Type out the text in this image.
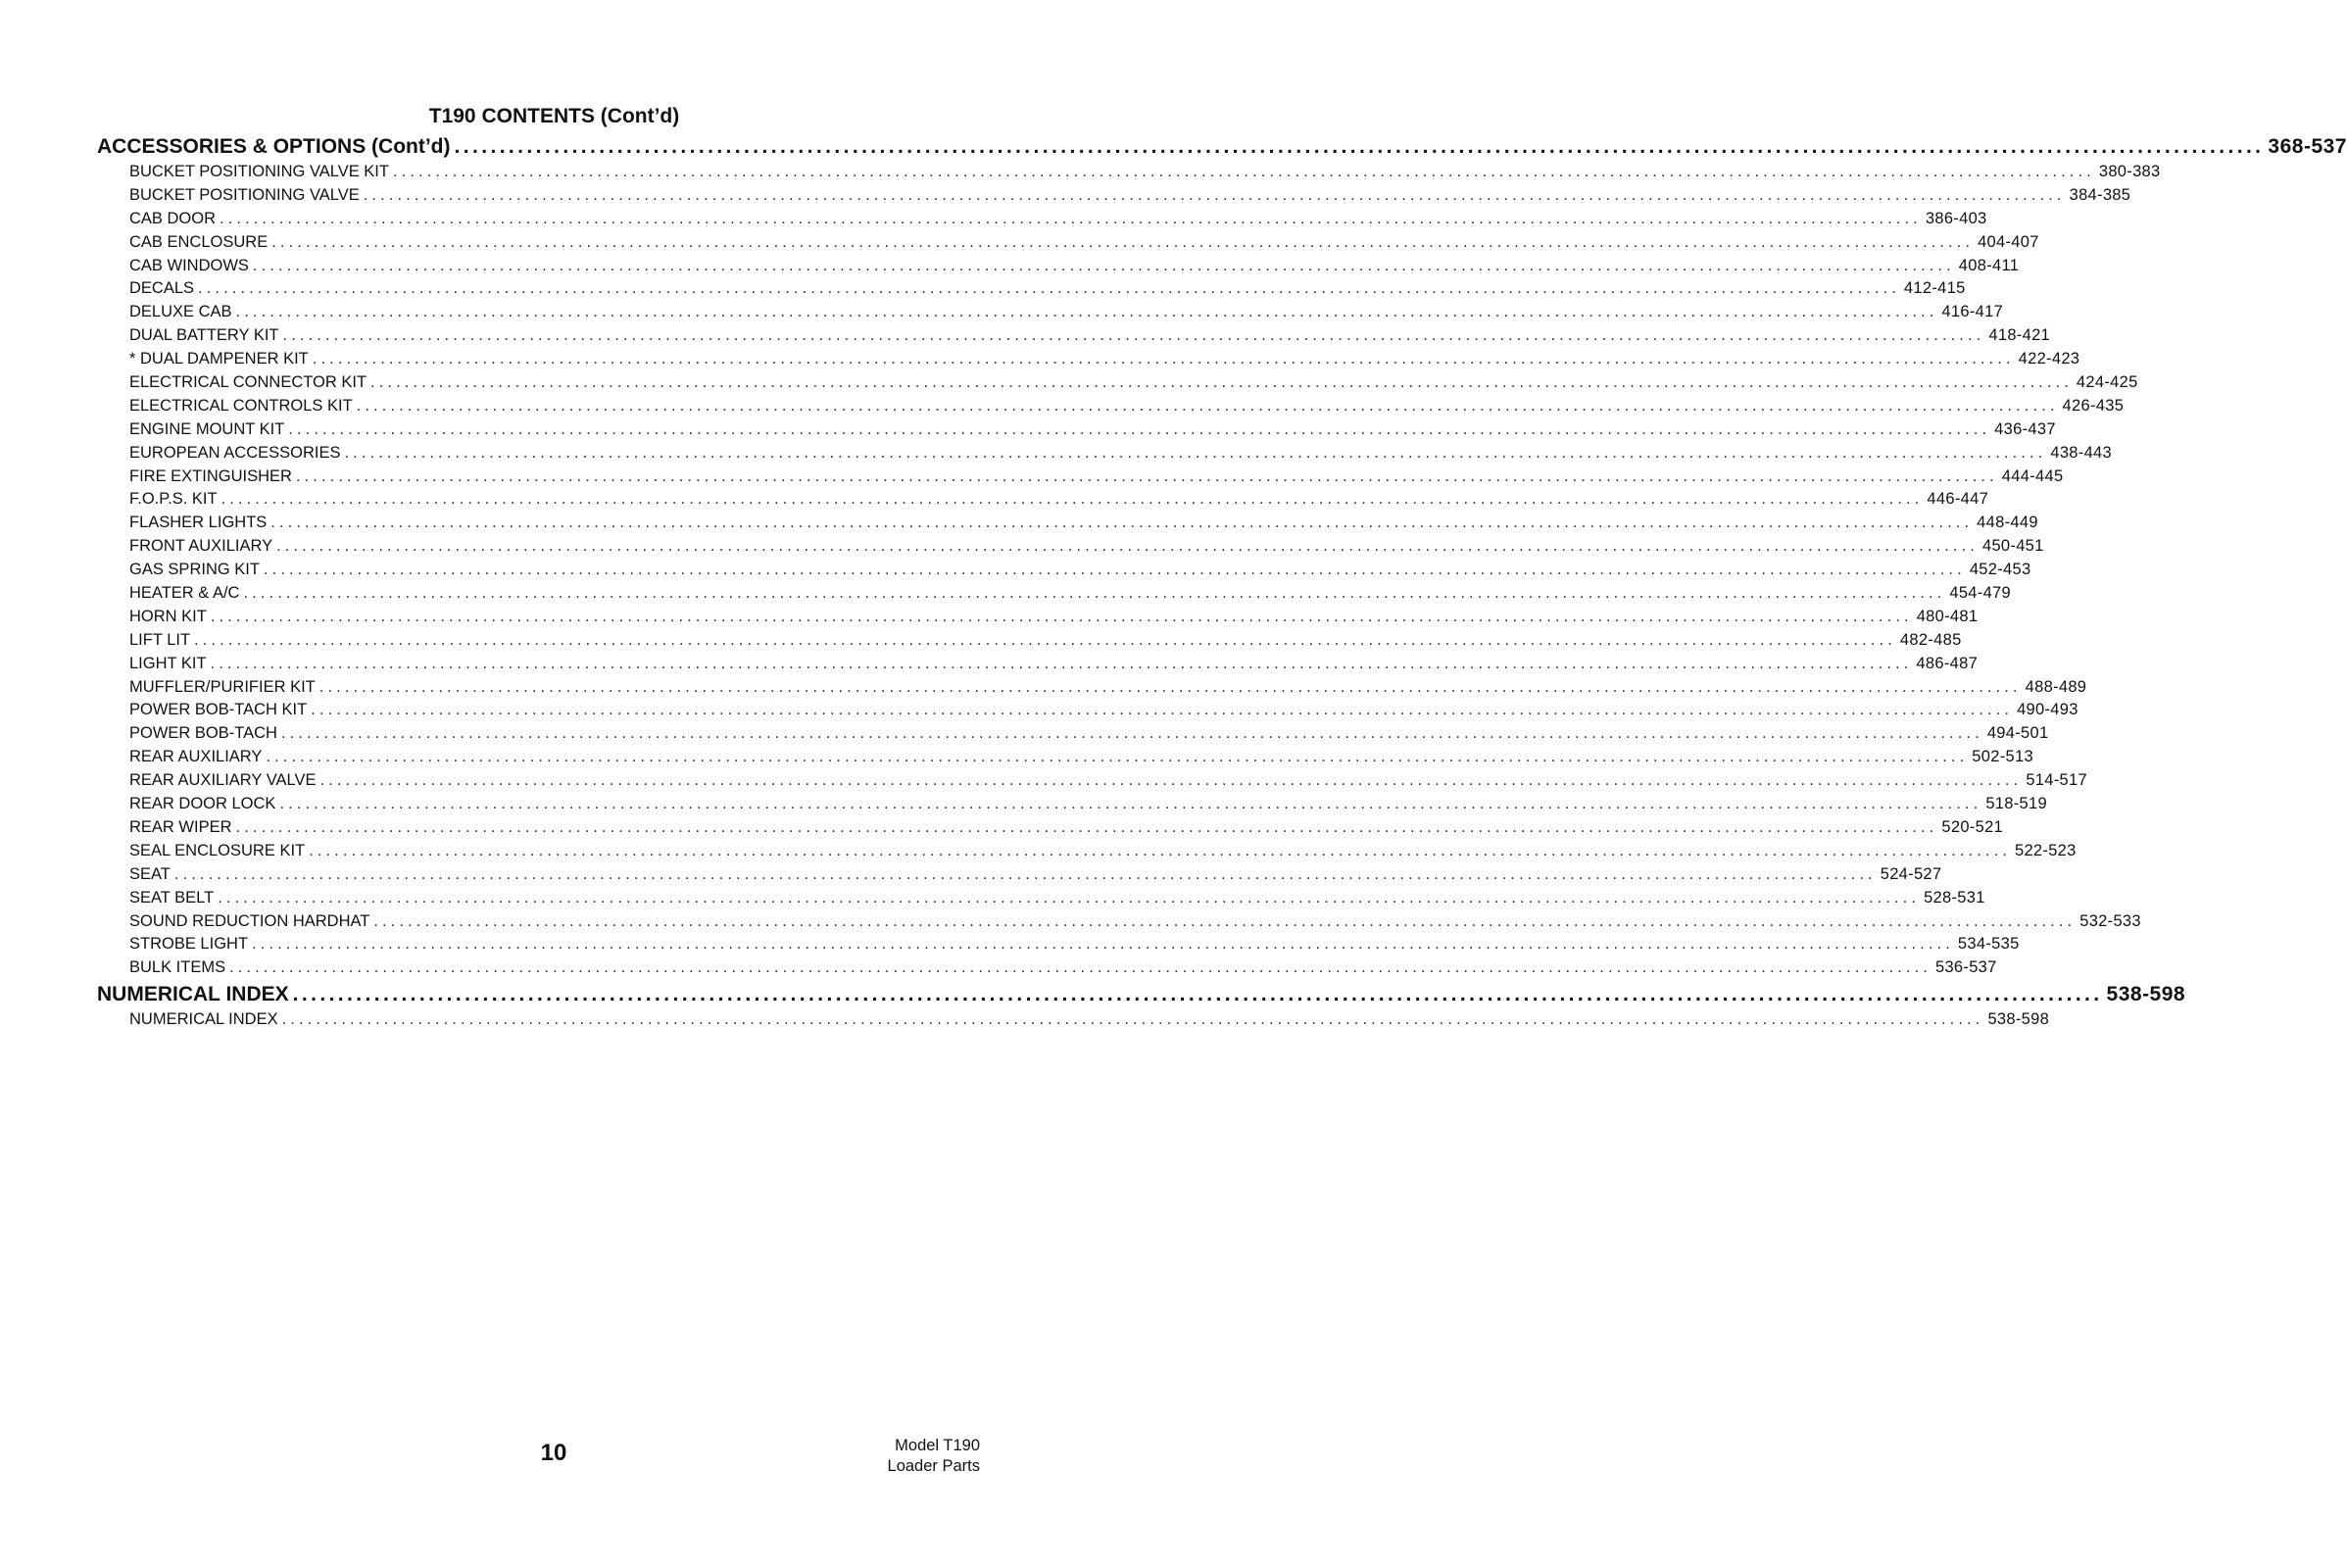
T190 CONTENTS (Cont’d)
ACCESSORIES & OPTIONS (Cont’d) ........................................................................................................................................................................................................ 368-537
BUCKET POSITIONING VALVE KIT ........................................................................................................................................................................................................ 380-383
BUCKET POSITIONING VALVE ........................................................................................................................................................................................................ 384-385
CAB DOOR ........................................................................................................................................................................................................ 386-403
CAB ENCLOSURE ........................................................................................................................................................................................................ 404-407
CAB WINDOWS ........................................................................................................................................................................................................ 408-411
DECALS ........................................................................................................................................................................................................ 412-415
DELUXE CAB ........................................................................................................................................................................................................ 416-417
DUAL BATTERY KIT ........................................................................................................................................................................................................ 418-421
* DUAL DAMPENER KIT ........................................................................................................................................................................................................ 422-423
ELECTRICAL CONNECTOR KIT ........................................................................................................................................................................................................ 424-425
ELECTRICAL CONTROLS KIT ........................................................................................................................................................................................................ 426-435
ENGINE MOUNT KIT ........................................................................................................................................................................................................ 436-437
EUROPEAN ACCESSORIES ........................................................................................................................................................................................................ 438-443
FIRE EXTINGUISHER ........................................................................................................................................................................................................ 444-445
F.O.P.S. KIT ........................................................................................................................................................................................................ 446-447
FLASHER LIGHTS ........................................................................................................................................................................................................ 448-449
FRONT AUXILIARY ........................................................................................................................................................................................................ 450-451
GAS SPRING KIT ........................................................................................................................................................................................................ 452-453
HEATER & A/C ........................................................................................................................................................................................................ 454-479
HORN KIT ........................................................................................................................................................................................................ 480-481
LIFT LIT ........................................................................................................................................................................................................ 482-485
LIGHT KIT ........................................................................................................................................................................................................ 486-487
MUFFLER/PURIFIER KIT ........................................................................................................................................................................................................ 488-489
POWER BOB-TACH KIT ........................................................................................................................................................................................................ 490-493
POWER BOB-TACH ........................................................................................................................................................................................................ 494-501
REAR AUXILIARY ........................................................................................................................................................................................................ 502-513
REAR AUXILIARY VALVE ........................................................................................................................................................................................................ 514-517
REAR DOOR LOCK ........................................................................................................................................................................................................ 518-519
REAR WIPER ........................................................................................................................................................................................................ 520-521
SEAL ENCLOSURE KIT ........................................................................................................................................................................................................ 522-523
SEAT ........................................................................................................................................................................................................ 524-527
SEAT BELT ........................................................................................................................................................................................................ 528-531
SOUND REDUCTION HARDHAT ........................................................................................................................................................................................................ 532-533
STROBE LIGHT ........................................................................................................................................................................................................ 534-535
BULK ITEMS ........................................................................................................................................................................................................ 536-537
NUMERICAL INDEX ........................................................................................................................................................................................................ 538-598
NUMERICAL INDEX ........................................................................................................................................................................................................ 538-598
10	Model T190
Loader Parts
